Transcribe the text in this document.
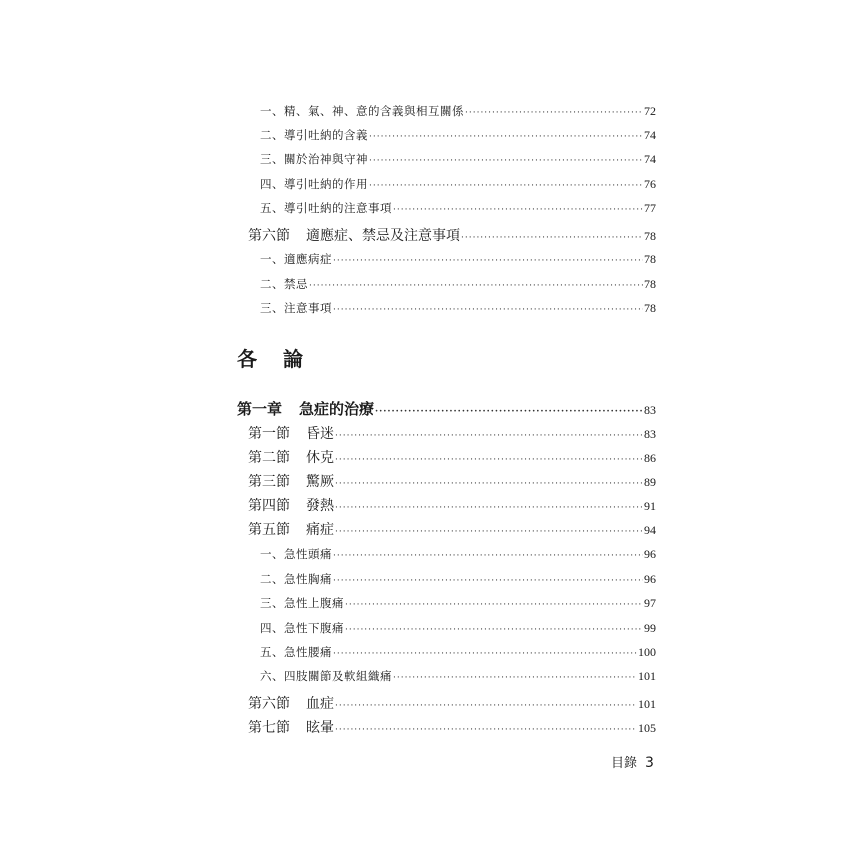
一、精、氣、神、意的含義與相互關係 ·····	72
二、導引吐納的含義 ·····	74
三、關於治神與守神 ·····	74
四、導引吐納的作用 ·····	76
五、導引吐納的注意事項 ·····	77
第六節 適應症、禁忌及注意事項 ·····	78
一、適應病症 ·····	78
二、禁忌 ·····	78
三、注意事項 ·····	78
各 論
第一章 急症的治療 ·····	83
第一節 昏迷 ·····	83
第二節 休克 ·····	86
第三節 驚厥 ·····	89
第四節 發熱 ·····	91
第五節 痛症 ·····	94
一、急性頭痛 ·····	96
二、急性胸痛 ·····	96
三、急性上腹痛 ·····	97
四、急性下腹痛 ·····	99
五、急性腰痛 ·····	100
六、四肢關節及軟組織痛 ·····	101
第六節 血症 ·····	101
第七節 眩暈 ·····	105
目錄 3
